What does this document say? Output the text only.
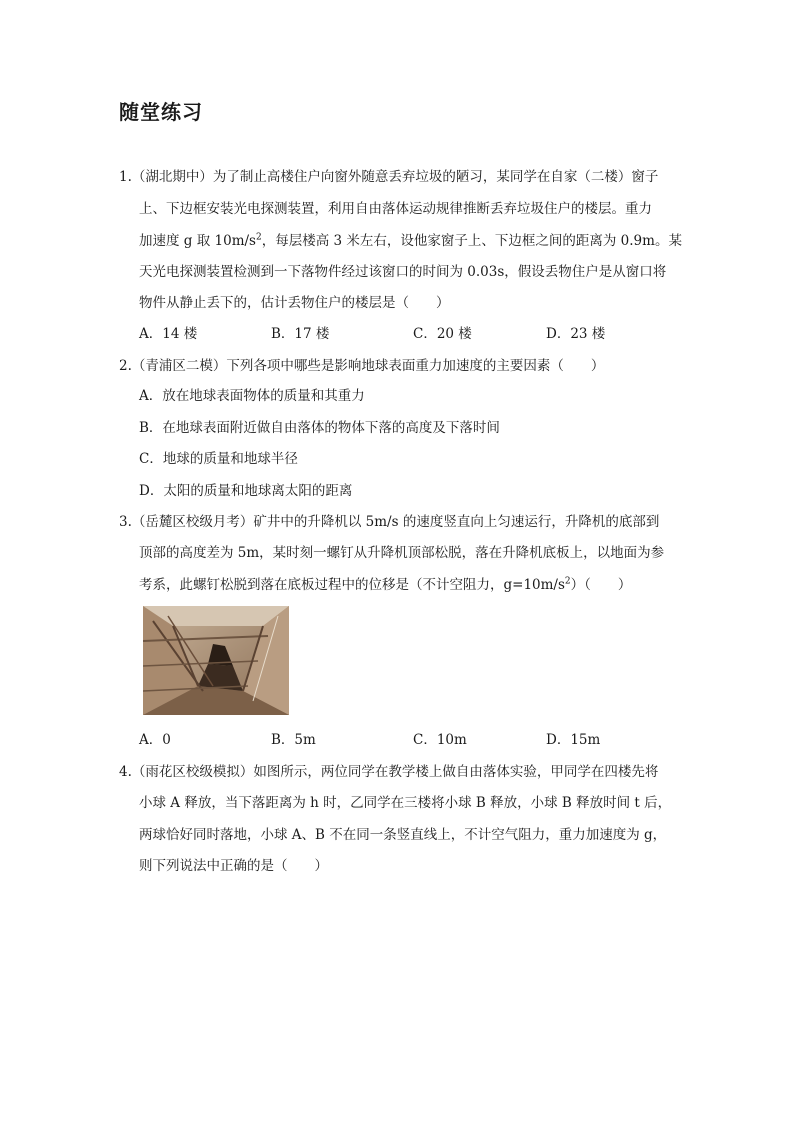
随堂练习
1.（湖北期中）为了制止高楼住户向窗外随意丢弃垃圾的陋习，某同学在自家（二楼）窗子
上、下边框安装光电探测装置，利用自由落体运动规律推断丢弃垃圾住户的楼层。重力
加速度 g 取 $10m/s^2$，每层楼高 3 米左右，设他家窗子上、下边框之间的距离为 0.9m。某
天光电探测装置检测到一下落物件经过该窗口的时间为 0.03s，假设丢物住户是从窗口将
物件从静止丢下的，估计丢物住户的楼层是（　　）
A．14 楼	B．17 楼	C．20 楼	D．23 楼
2.（青浦区二模）下列各项中哪些是影响地球表面重力加速度的主要因素（　　）
A．放在地球表面物体的质量和其重力
B．在地球表面附近做自由落体的物体下落的高度及下落时间
C．地球的质量和地球半径
D．太阳的质量和地球离太阳的距离
3.（岳麓区校级月考）矿井中的升降机以 5m/s 的速度竖直向上匀速运行，升降机的底部到
顶部的高度差为 5m，某时刻一螺钉从升降机顶部松脱，落在升降机底板上，以地面为参
考系，此螺钉松脱到落在底板过程中的位移是（不计空阻力，$g=10m/s^2$）（　　）
A．0	B．5m	C．10m	D．15m
4.（雨花区校级模拟）如图所示，两位同学在教学楼上做自由落体实验，甲同学在四楼先将
小球 A 释放，当下落距离为 h 时，乙同学在三楼将小球 B 释放，小球 B 释放时间 t 后，
两球恰好同时落地，小球 A、B 不在同一条竖直线上，不计空气阻力，重力加速度为 g，
则下列说法中正确的是（　　）
